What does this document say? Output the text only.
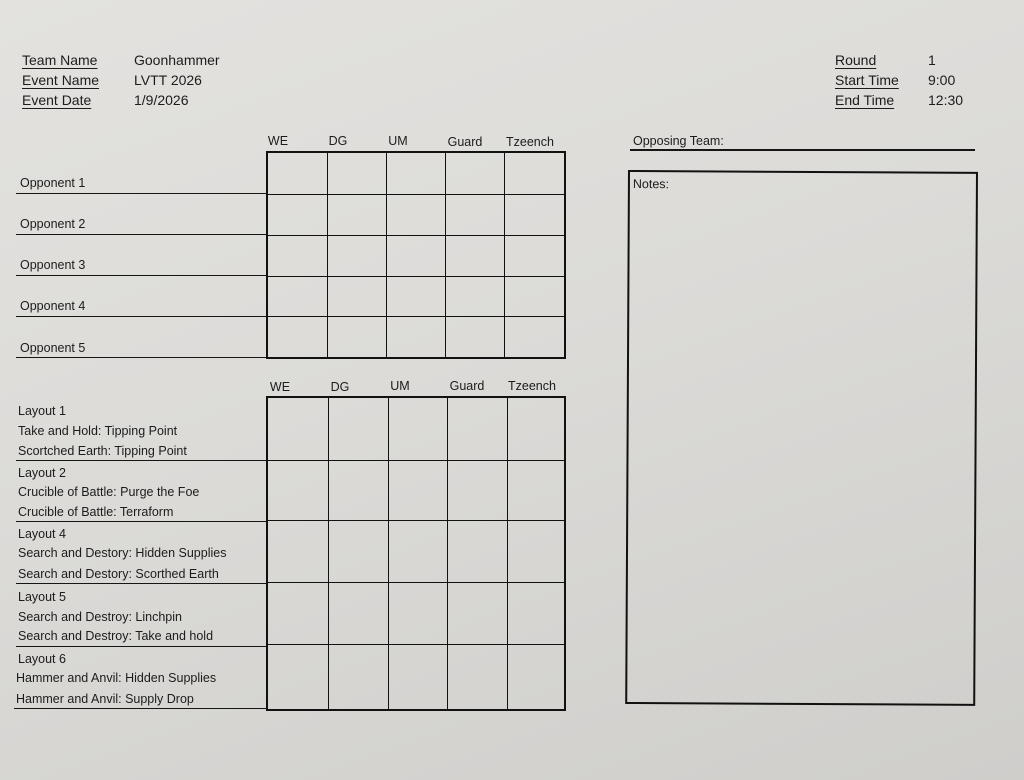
Team Name	Goonhammer
Event Name LVTT 2026
Event Date	1/9/2026
Round	1
Start Time 9:00
End Time 12:30
WE	DG	UM	Guard	Tzeench
Opponent 1
Opponent 2
Opponent 3
Opponent 4
Opponent 5
WE	DG	UM	Guard	Tzeench
Layout 1
Take and Hold: Tipping Point
Scortched Earth: Tipping Point
Layout 2
Crucible of Battle: Purge the Foe
Crucible of Battle: Terraform
Layout 4
Search and Destory: Hidden Supplies
Search and Destory: Scorthed Earth
Layout 5
Search and Destroy: Linchpin
Search and Destroy: Take and hold
Layout 6
Hammer and Anvil: Hidden Supplies
Hammer and Anvil: Supply Drop
Opposing Team:
Notes:
